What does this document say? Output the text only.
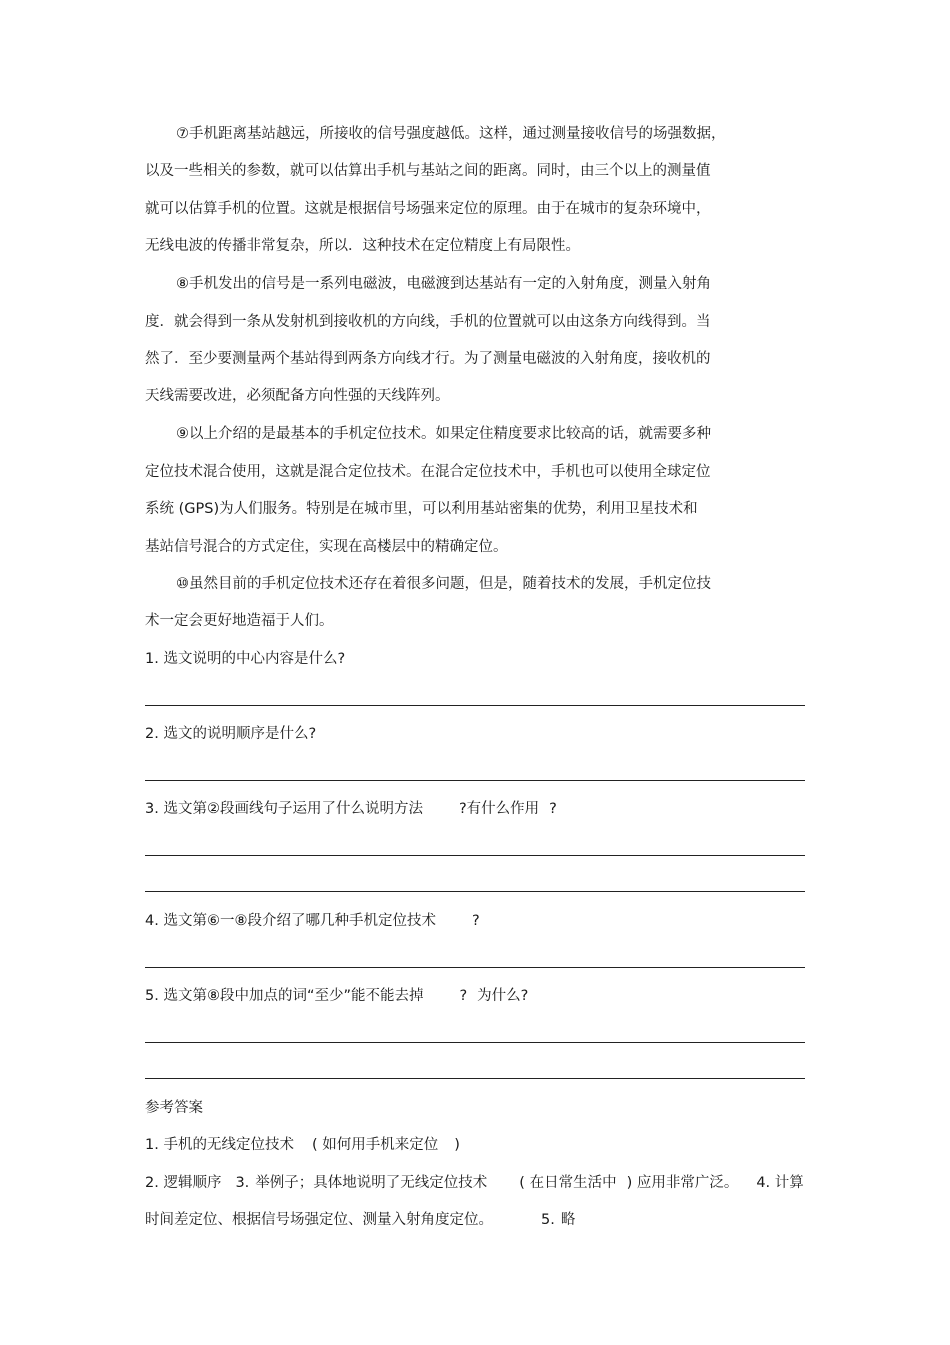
⑦手机距离基站越远，所接收的信号强度越低。这样，通过测量接收信号的场强数据，
以及一些相关的参数，就可以估算出手机与基站之间的距离。同时，由三个以上的测量值
就可以估算手机的位置。这就是根据信号场强来定位的原理。由于在城市的复杂环境中，
无线电波的传播非常复杂，所以．这种技术在定位精度上有局限性。
⑧手机发出的信号是一系列电磁波，电磁渡到达基站有一定的入射角度，测量入射角
度．就会得到一条从发射机到接收机的方向线，手机的位置就可以由这条方向线得到。当
然了．至少要测量两个基站得到两条方向线才行。为了测量电磁波的入射角度，接收机的
天线需要改进，必须配备方向性强的天线阵列。
⑨以上介绍的是最基本的手机定位技术。如果定住精度要求比较高的话，就需要多种
定位技术混合使用，这就是混合定位技术。在混合定位技术中，手机也可以使用全球定位
系统 (GPS)为人们服务。特别是在城市里，可以利用基站密集的优势，利用卫星技术和
基站信号混合的方式定住，实现在高楼层中的精确定位。
⑩虽然目前的手机定位技术还存在着很多问题，但是，随着技术的发展，手机定位技
术一定会更好地造福于人们。
1. 选文说明的中心内容是什么?
2. 选文的说明顺序是什么?
3. 选文第②段画线句子运用了什么说明方法 ?有什么作用 ?
4. 选文第⑥一⑧段介绍了哪几种手机定位技术 ?
5. 选文第⑧段中加点的词“至少”能不能去掉 ? 为什么?
参考答案
1. 手机的无线定位技术 ( 如何用手机来定位 )
2. 逻辑顺序 3. 举例子；具体地说明了无线定位技术 ( 在日常生活中 ) 应用非常广泛。 4. 计算
时间差定位、根据信号场强定位、测量入射角度定位。	5. 略
